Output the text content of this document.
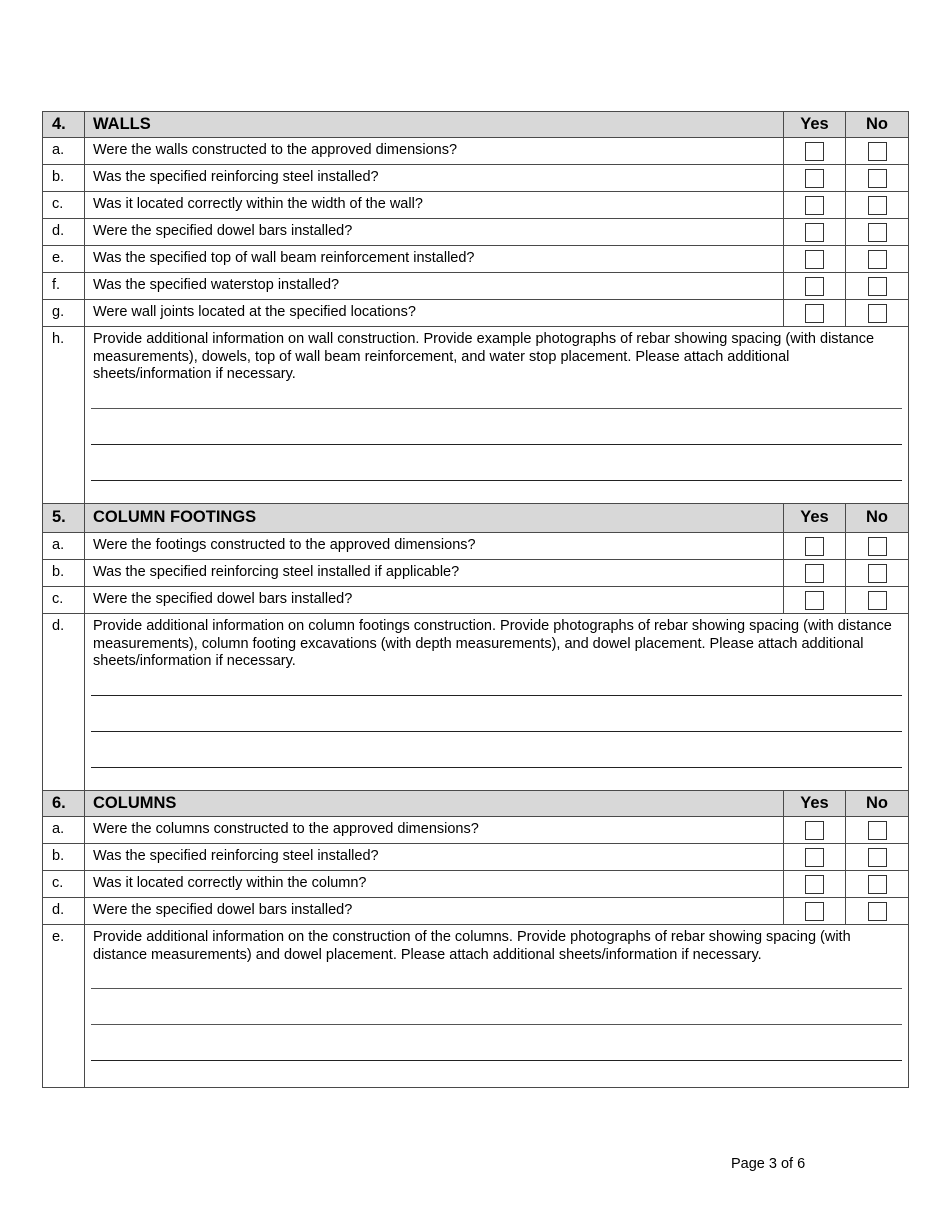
4.	WALLS	Yes	No
a.	Were the walls constructed to the approved dimensions?		
b.	Was the specified reinforcing steel installed?		
c.	Was it located correctly within the width of the wall?		
d.	Were the specified dowel bars installed?		
e.	Was the specified top of wall beam reinforcement installed?		
f.	Was the specified waterstop installed?		
g.	Were wall joints located at the specified locations?		
h.	Provide additional information on wall construction. Provide example photographs of rebar showing spacing (with distance measurements), dowels, top of wall beam reinforcement, and water stop placement. Please attach additional sheets/information if necessary.		

5.	COLUMN FOOTINGS	Yes	No
a.	Were the footings constructed to the approved dimensions?		
b.	Was the specified reinforcing steel installed if applicable?		
c.	Were the specified dowel bars installed?		
d.	Provide additional information on column footings construction. Provide photographs of rebar showing spacing (with distance measurements), column footing excavations (with depth measurements), and dowel placement. Please attach additional sheets/information if necessary.		

6.	COLUMNS	Yes	No
a.	Were the columns constructed to the approved dimensions?		
b.	Was the specified reinforcing steel installed?		
c.	Was it located correctly within the column?		
d.	Were the specified dowel bars installed?		
e.	Provide additional information on the construction of the columns. Provide photographs of rebar showing spacing (with distance measurements) and dowel placement. Please attach additional sheets/information if necessary.		
Page 3 of 6
